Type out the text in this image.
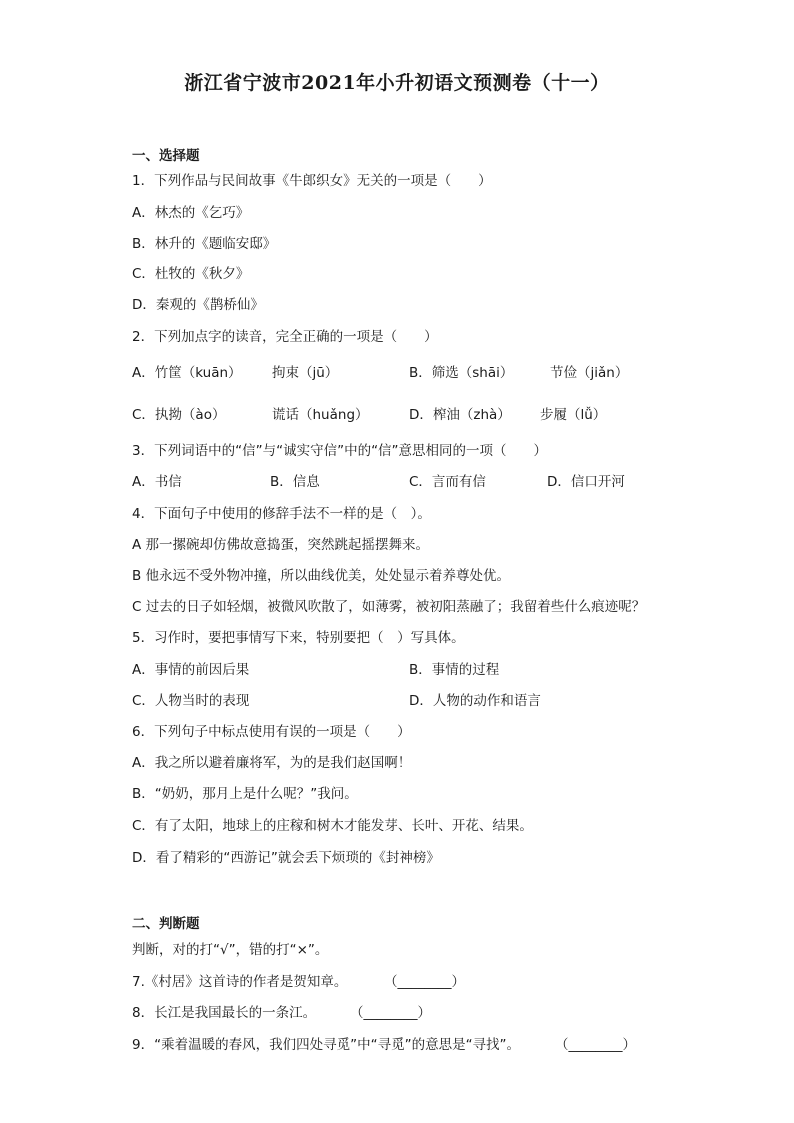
浙江省宁波市2021年小升初语文预测卷（十一）
一、选择题
1．下列作品与民间故事《牛郎织女》无关的一项是（　　）
A．林杰的《乞巧》
B．林升的《题临安邸》
C．杜牧的《秋夕》
D．秦观的《鹊桥仙》
2．下列加点字的读音，完全正确的一项是（　　）
A．竹筐（kuān） 拘束（jū）	B．筛选（shāi）	节俭（jiǎn）
C．执拗（ào）	谎话（huǎng）	D．榨油（zhà） 步履（lǚ）
3．下列词语中的“信”与“诚实守信”中的“信”意思相同的一项（　　）
A．书信	B．信息	C．言而有信	D．信口开河
4．下面句子中使用的修辞手法不一样的是（　）。
A 那一摞碗却仿佛故意捣蛋，突然跳起摇摆舞来。
B 他永远不受外物冲撞，所以曲线优美，处处显示着养尊处优。
C 过去的日子如轻烟，被微风吹散了，如薄雾，被初阳蒸融了；我留着些什么痕迹呢？
5．习作时，要把事情写下来，特别要把（　）写具体。
A．事情的前因后果	B．事情的过程
C．人物当时的表现	D．人物的动作和语言
6．下列句子中标点使用有误的一项是（　　）
A．我之所以避着廉将军，为的是我们赵国啊！
B．“奶奶，那月上是什么呢？”我问。
C．有了太阳，地球上的庄稼和树木才能发芽、长叶、开花、结果。
D．看了精彩的“西游记”就会丢下烦琐的《封神榜》
二、判断题
判断，对的打“√”，错的打“×”。
7.《村居》这首诗的作者是贺知章。	（________）
8．长江是我国最长的一条江。	（________）
9．“乘着温暖的春风，我们四处寻觅”中“寻觅”的意思是“寻找”。	（________）
